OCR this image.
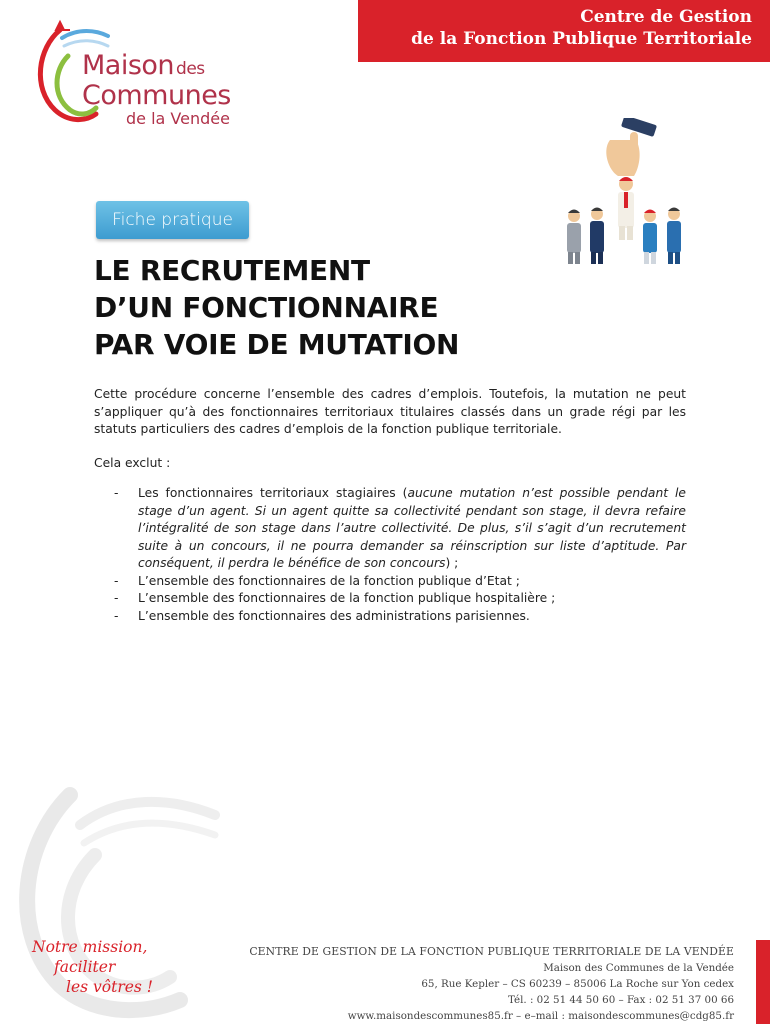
Centre de Gestion
de la Fonction Publique Territoriale
Maison des
Communes
de la Vendée
Fiche pratique
LE RECRUTEMENT
D’UN FONCTIONNAIRE
PAR VOIE DE MUTATION
Cette procédure concerne l’ensemble des cadres d’emplois. Toutefois, la mutation ne peut s’appliquer qu’à des fonctionnaires territoriaux titulaires classés dans un grade régi par les statuts particuliers des cadres d’emplois de la fonction publique territoriale.
Cela exclut :
- Les fonctionnaires territoriaux stagiaires (aucune mutation n’est possible pendant le stage d’un agent. Si un agent quitte sa collectivité pendant son stage, il devra refaire l’intégralité de son stage dans l’autre collectivité. De plus, s’il s’agit d’un recrutement suite à un concours, il ne pourra demander sa réinscription sur liste d’aptitude. Par conséquent, il perdra le bénéfice de son concours) ;
- L’ensemble des fonctionnaires de la fonction publique d’Etat ;
- L’ensemble des fonctionnaires de la fonction publique hospitalière ;
- L’ensemble des fonctionnaires des administrations parisiennes.
Notre mission,
faciliter
les vôtres !
CENTRE DE GESTION DE LA FONCTION PUBLIQUE TERRITORIALE DE LA VENDÉE
Maison des Communes de la Vendée
65, Rue Kepler – CS 60239 – 85006 La Roche sur Yon cedex
Tél. : 02 51 44 50 60 – Fax : 02 51 37 00 66
www.maisondescommunes85.fr – e–mail : maisondescommunes@cdg85.fr
